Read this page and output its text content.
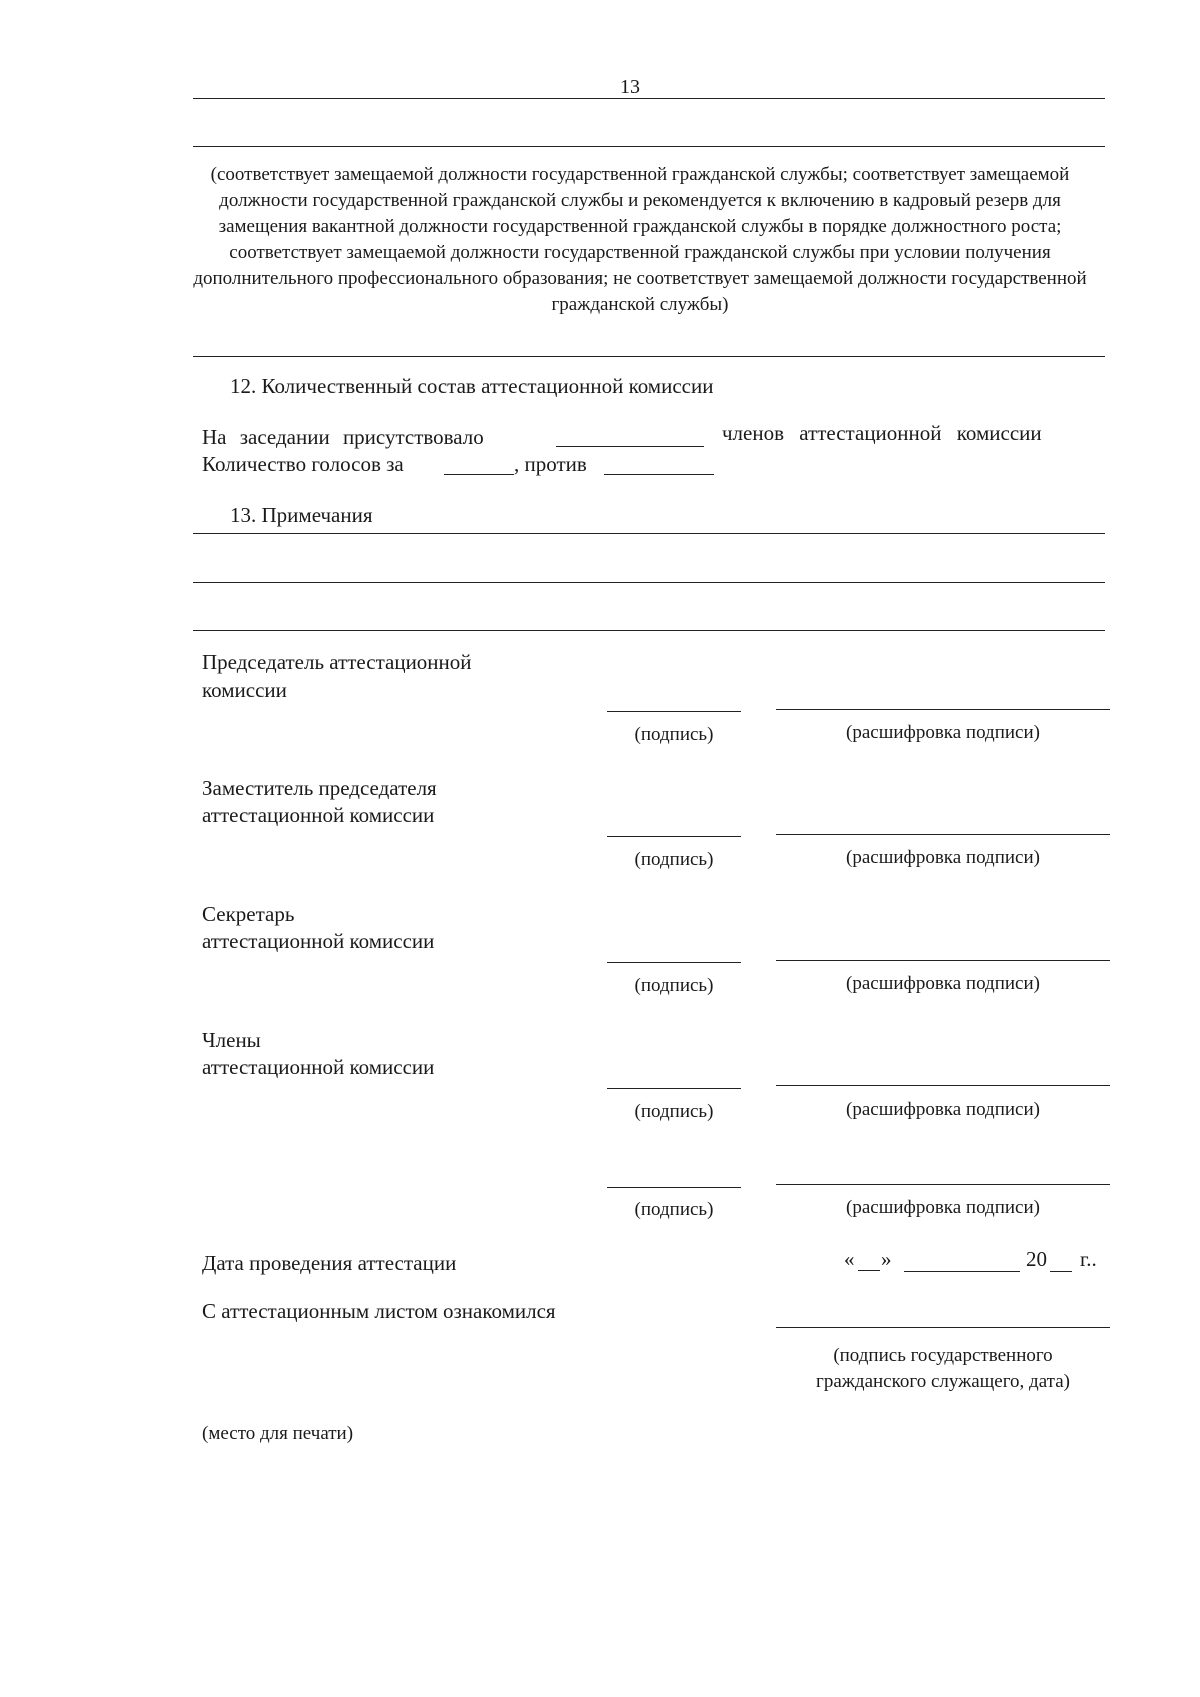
13
(соответствует замещаемой должности государственной гражданской службы; соответствует замещаемой должности государственной гражданской службы и рекомендуется к включению в кадровый резерв для замещения вакантной должности государственной гражданской службы в порядке должностного роста; соответствует замещаемой должности государственной гражданской службы при условии получения дополнительного профессионального образования; не соответствует замещаемой должности государственной гражданской службы)
12. Количественный состав аттестационной комиссии
На заседании присутствовало	членов аттестационной комиссии
Количество голосов за	, против
13. Примечания
Председатель аттестационной
комиссии
(подпись)	(расшифровка подписи)
Заместитель председателя
аттестационной комиссии
(подпись)	(расшифровка подписи)
Секретарь
аттестационной комиссии
(подпись)	(расшифровка подписи)
Члены
аттестационной комиссии
(подпись)	(расшифровка подписи)
(подпись)	(расшифровка подписи)
Дата проведения аттестации	« »	20 г..
С аттестационным листом ознакомился
(подпись государственного
гражданского служащего, дата)
(место для печати)
